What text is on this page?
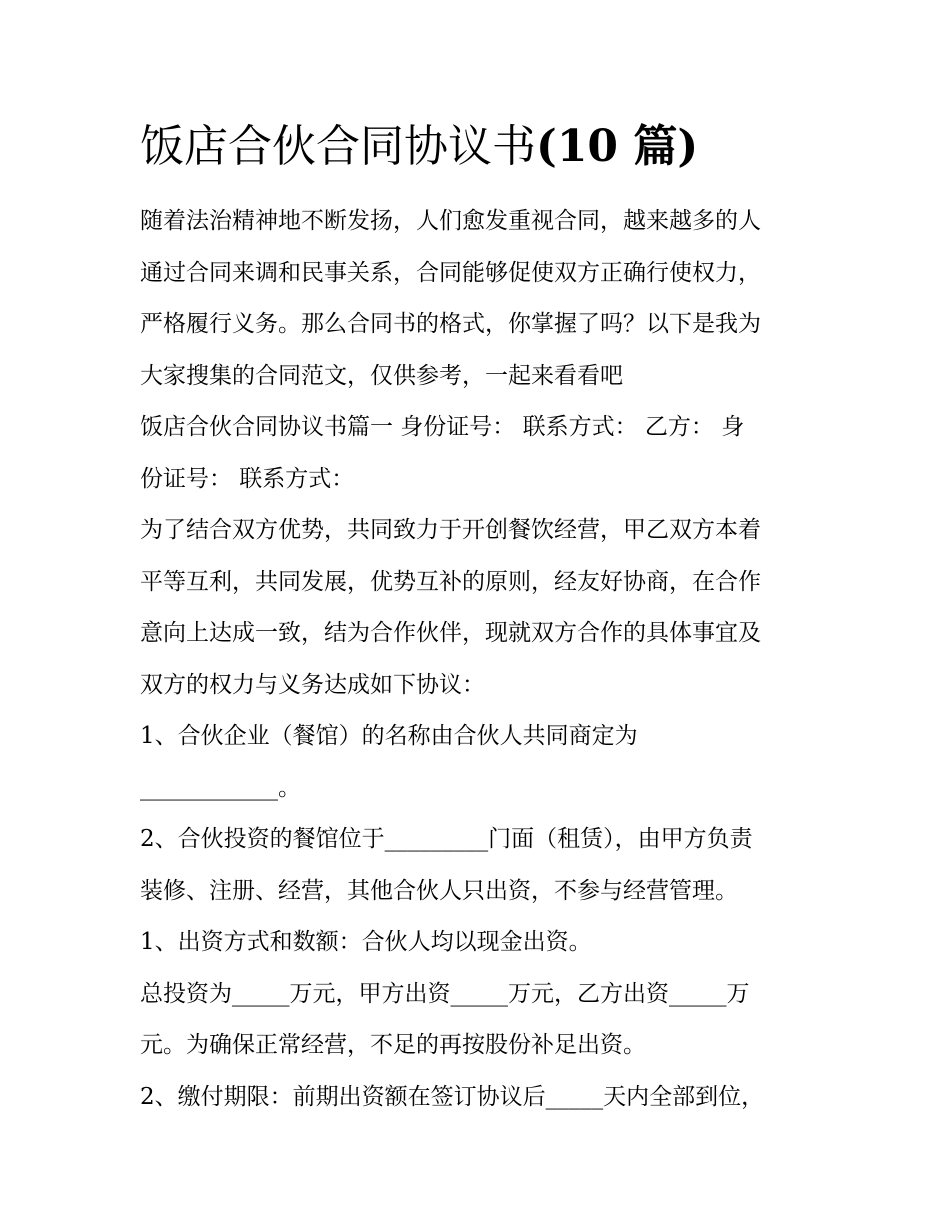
饭店合伙合同协议书(10 篇)

随着法治精神地不断发扬，人们愈发重视合同，越来越多的人

通过合同来调和民事关系，合同能够促使双方正确行使权力，

严格履行义务。那么合同书的格式，你掌握了吗？以下是我为

大家搜集的合同范文，仅供参考，一起来看看吧

饭店合伙合同协议书篇一 身份证号： 联系方式： 乙方： 身

份证号： 联系方式：

为了结合双方优势，共同致力于开创餐饮经营，甲乙双方本着

平等互利，共同发展，优势互补的原则，经友好协商，在合作

意向上达成一致，结为合作伙伴，现就双方合作的具体事宜及

双方的权力与义务达成如下协议：

1、合伙企业（餐馆）的名称由合伙人共同商定为

____________。

2、合伙投资的餐馆位于_________门面（租赁），由甲方负责

装修、注册、经营，其他合伙人只出资，不参与经营管理。

1、出资方式和数额：合伙人均以现金出资。

总投资为_____万元，甲方出资_____万元，乙方出资_____万

元。为确保正常经营，不足的再按股份补足出资。

2、缴付期限：前期出资额在签订协议后_____天内全部到位，
